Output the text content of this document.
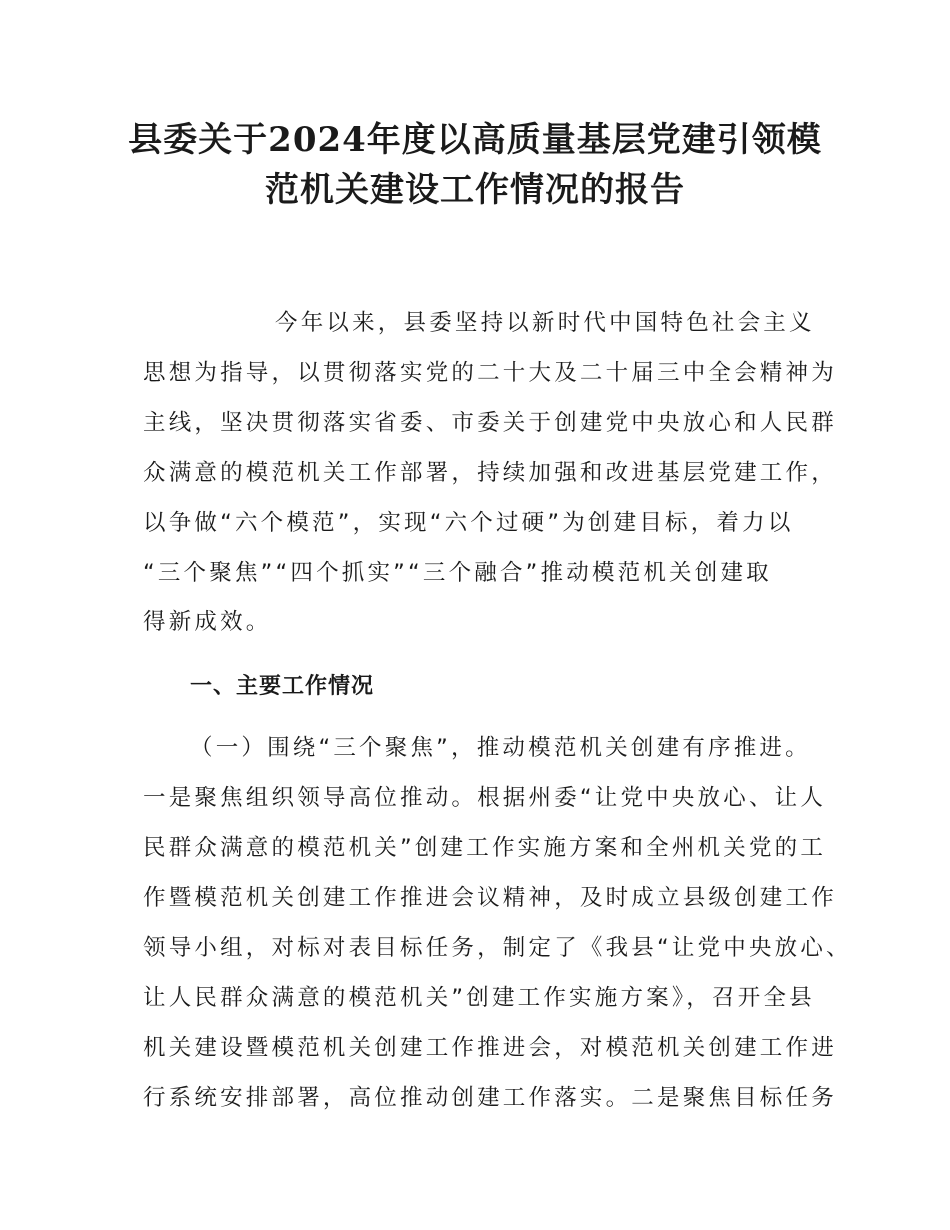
县委关于2024年度以高质量基层党建引领模
范机关建设工作情况的报告

今年以来，县委坚持以新时代中国特色社会主义

思想为指导，以贯彻落实党的二十大及二十届三中全会精神为

主线，坚决贯彻落实省委、市委关于创建党中央放心和人民群

众满意的模范机关工作部署，持续加强和改进基层党建工作，

以争做“六个模范”，实现“六个过硬”为创建目标，着力以

“三个聚焦”“四个抓实”“三个融合”推动模范机关创建取

得新成效。

一、主要工作情况

（一）围绕“三个聚焦”，推动模范机关创建有序推进。

一是聚焦组织领导高位推动。根据州委“让党中央放心、让人

民群众满意的模范机关”创建工作实施方案和全州机关党的工

作暨模范机关创建工作推进会议精神，及时成立县级创建工作

领导小组，对标对表目标任务，制定了《我县“让党中央放心、

让人民群众满意的模范机关”创建工作实施方案》，召开全县

机关建设暨模范机关创建工作推进会，对模范机关创建工作进

行系统安排部署，高位推动创建工作落实。二是聚焦目标任务
